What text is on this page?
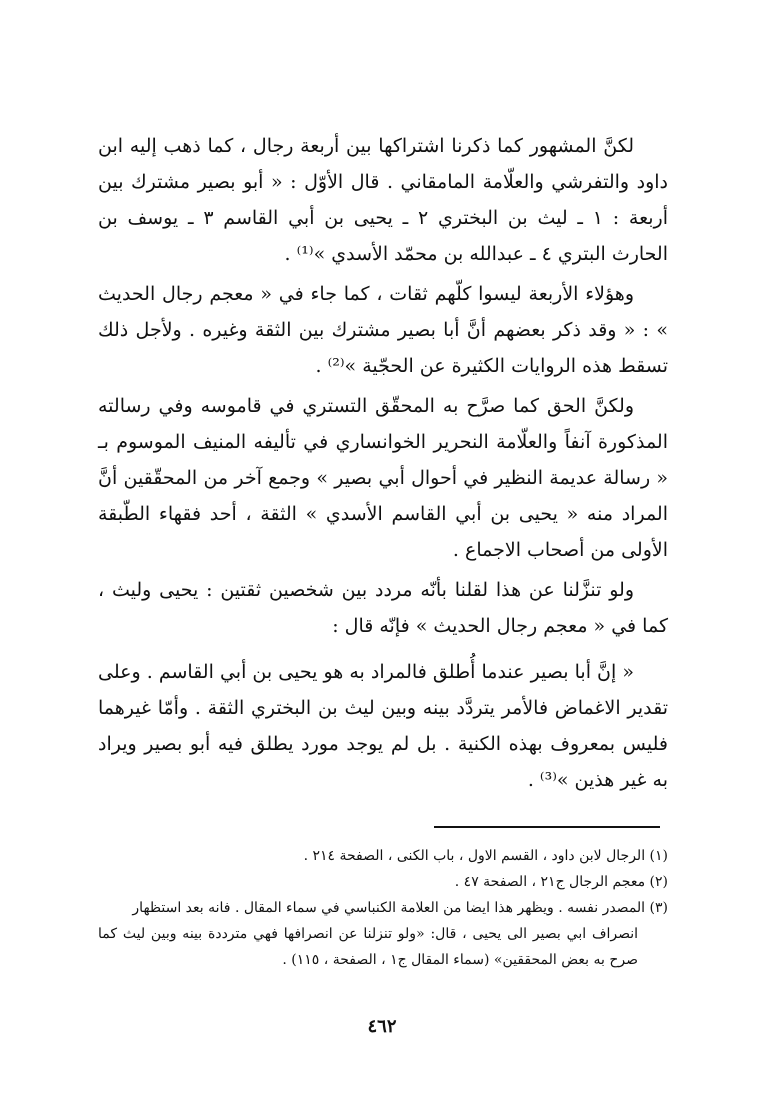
لكنَّ المشهور كما ذكرنا اشتراكها بين أربعة رجال ، كما ذهب إليه ابن داود والتفرشي والعلّامة المامقاني . قال الأوّل : « أبو بصير مشترك بين أربعة : ١ ـ ليث بن البختري ٢ ـ يحيى بن أبي القاسم ٣ ـ يوسف بن الحارث البتري ٤ ـ عبدالله بن محمّد الأسدي »⁽¹⁾ .

وهؤلاء الأربعة ليسوا كلّهم ثقات ، كما جاء في « معجم رجال الحديث » : « وقد ذكر بعضهم أنَّ أبا بصير مشترك بين الثقة وغيره . ولأجل ذلك تسقط هذه الروايات الكثيرة عن الحجّية »⁽²⁾ .

ولكنَّ الحق كما صرَّح به المحقّق التستري في قاموسه وفي رسالته المذكورة آنفاً والعلّامة النحرير الخوانساري في تأليفه المنيف الموسوم بـ « رسالة عديمة النظير في أحوال أبي بصير » وجمع آخر من المحقّقين أنَّ المراد منه « يحيى بن أبي القاسم الأسدي » الثقة ، أحد فقهاء الطّبقة الأولى من أصحاب الاجماع .

ولو تنزَّلنا عن هذا لقلنا بأنّه مردد بين شخصين ثقتين : يحيى وليث ، كما في « معجم رجال الحديث » فإنّه قال :

« إنَّ أبا بصير عندما أُطلق فالمراد به هو يحيى بن أبي القاسم . وعلى تقدير الاغماض فالأمر يتردَّد بينه وبين ليث بن البختري الثقة . وأمّا غيرهما فليس بمعروف بهذه الكنية . بل لم يوجد مورد يطلق فيه أبو بصير ويراد به غير هذين »⁽³⁾ .

(١) الرجال لابن داود ، القسم الاول ، باب الكنى ، الصفحة ٢١٤ .

(٢) معجم الرجال ج٢١ ، الصفحة ٤٧ .

(٣) المصدر نفسه . ويظهر هذا ايضا من العلامة الكنباسي في سماء المقال . فانه بعد استظهار
انصراف ابي بصير الى يحيى ، قال: «ولو تنزلنا عن انصرافها فهي مترددة بينه وبين ليث كما صرح به بعض المحققين» (سماء المقال ج١ ، الصفحة ، ١١٥) .

٤٦٢
